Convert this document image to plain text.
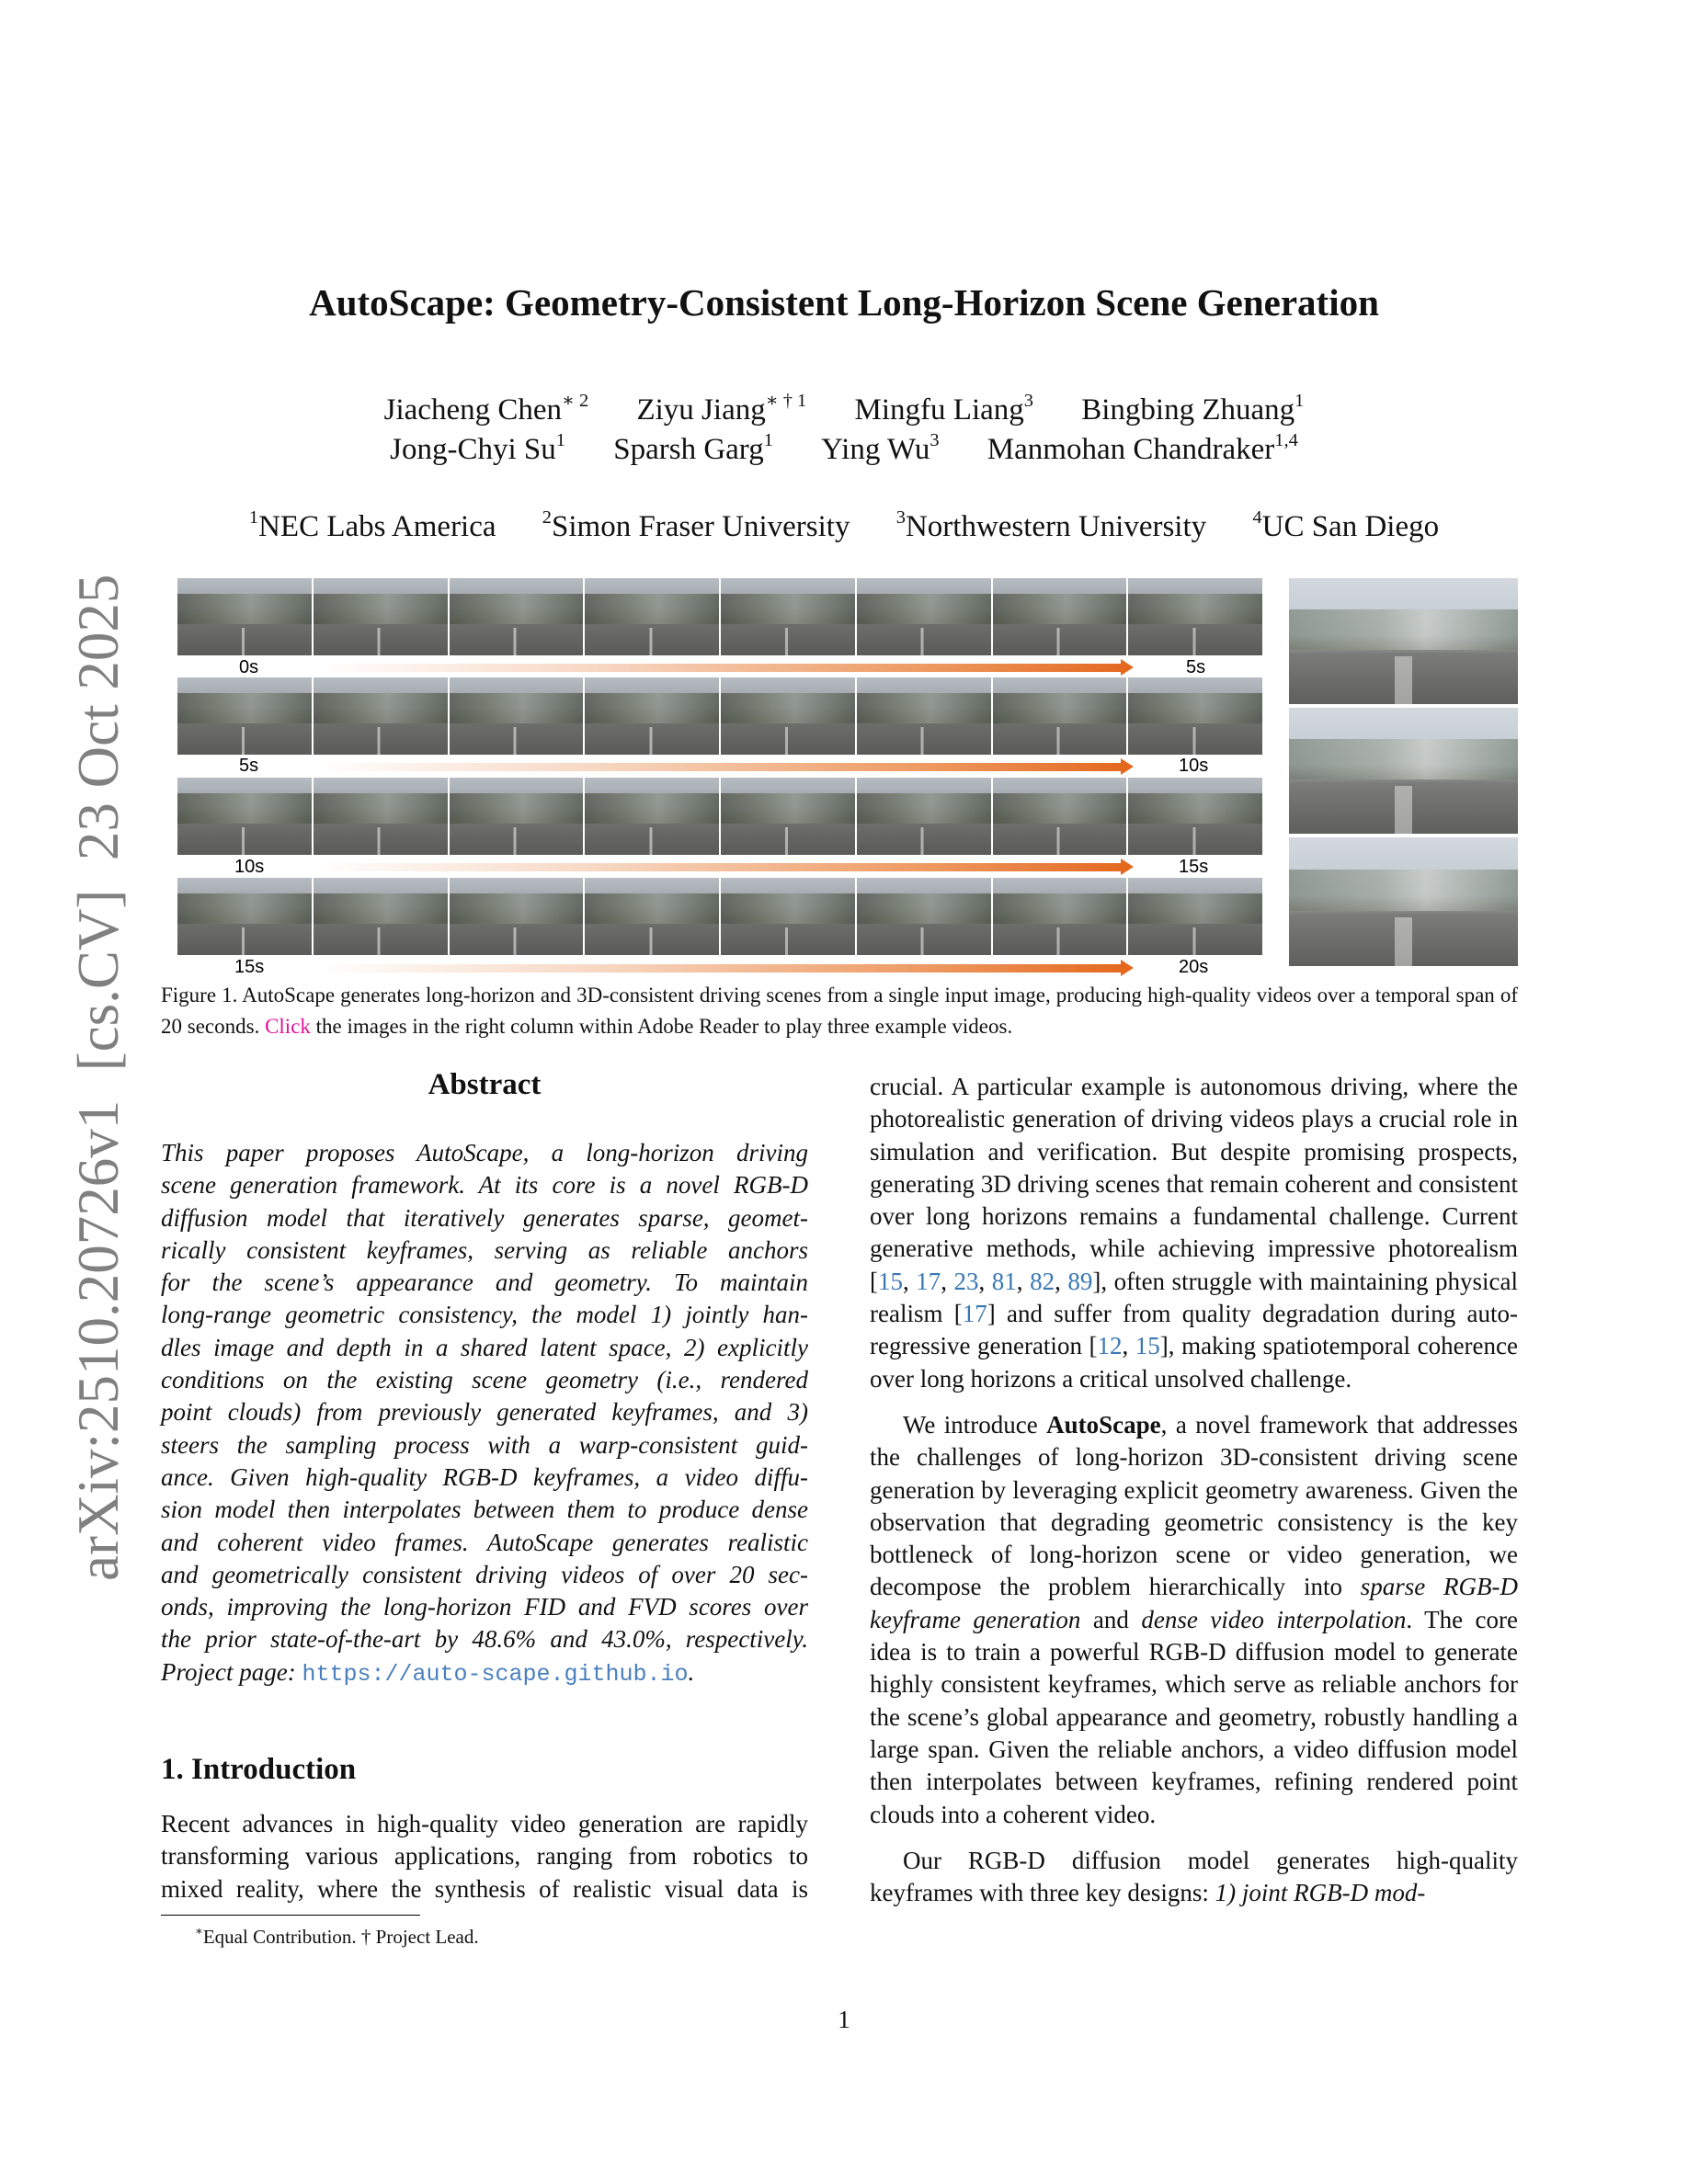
arXiv:2510.20726v1  [cs.CV]  23 Oct 2025
AutoScape: Geometry-Consistent Long-Horizon Scene Generation
Jiacheng Chen$^{∗ 2}$ Ziyu Jiang$^{∗ \dagger 1}$ Mingfu Liang$^3$ Bingbing Zhuang$^1$
Jong-Chyi Su$^1$ Sparsh Garg$^1$ Ying Wu$^3$ Manmohan Chandraker$^{1,4}$
$^1$NEC Labs America $^2$Simon Fraser University $^3$Northwestern University $^4$UC San Diego
0s	5s
5s	10s
10s	15s
15s	20s
Figure 1. AutoScape generates long-horizon and 3D-consistent driving scenes from a single input image, producing high-quality videos over a temporal span of 20 seconds. Click the images in the right column within Adobe Reader to play three example videos.
Abstract
This paper proposes AutoScape, a long-horizon driving
scene generation framework. At its core is a novel RGB-D
diffusion model that iteratively generates sparse, geomet-
rically consistent keyframes, serving as reliable anchors
for the scene’s appearance and geometry. To maintain
long-range geometric consistency, the model 1) jointly han-
dles image and depth in a shared latent space, 2) explicitly
conditions on the existing scene geometry (i.e., rendered
point clouds) from previously generated keyframes, and 3)
steers the sampling process with a warp-consistent guid-
ance. Given high-quality RGB-D keyframes, a video diffu-
sion model then interpolates between them to produce dense
and coherent video frames. AutoScape generates realistic
and geometrically consistent driving videos of over 20 sec-
onds, improving the long-horizon FID and FVD scores over
the prior state-of-the-art by 48.6% and 43.0%, respectively.
Project page: https://auto-scape.github.io.
1. Introduction
Recent advances in high-quality video generation are rapidly
transforming various applications, ranging from robotics to
mixed reality, where the synthesis of realistic visual data is
∗Equal Contribution. † Project Lead.

crucial. A particular example is autonomous driving, where the photorealistic generation of driving videos plays a crucial role in simulation and verification. But despite promising prospects, generating 3D driving scenes that remain coherent and consistent over long horizons remains a fundamental challenge. Current generative methods, while achieving impressive photorealism [15, 17, 23, 81, 82, 89], often struggle with maintaining physical realism [17] and suffer from quality degradation during auto-regressive generation [12, 15], making spatiotemporal coherence over long horizons a critical unsolved challenge.

We introduce AutoScape, a novel framework that addresses the challenges of long-horizon 3D-consistent driving scene generation by leveraging explicit geometry awareness. Given the observation that degrading geometric consistency is the key bottleneck of long-horizon scene or video generation, we decompose the problem hierarchically into sparse RGB-D keyframe generation and dense video interpolation. The core idea is to train a powerful RGB-D diffusion model to generate highly consistent keyframes, which serve as reliable anchors for the scene’s global appearance and geometry, robustly handling a large span. Given the reliable anchors, a video diffusion model then interpolates between keyframes, refining rendered point clouds into a coherent video.

Our RGB-D diffusion model generates high-quality keyframes with three key designs: 1) joint RGB-D mod-

1
